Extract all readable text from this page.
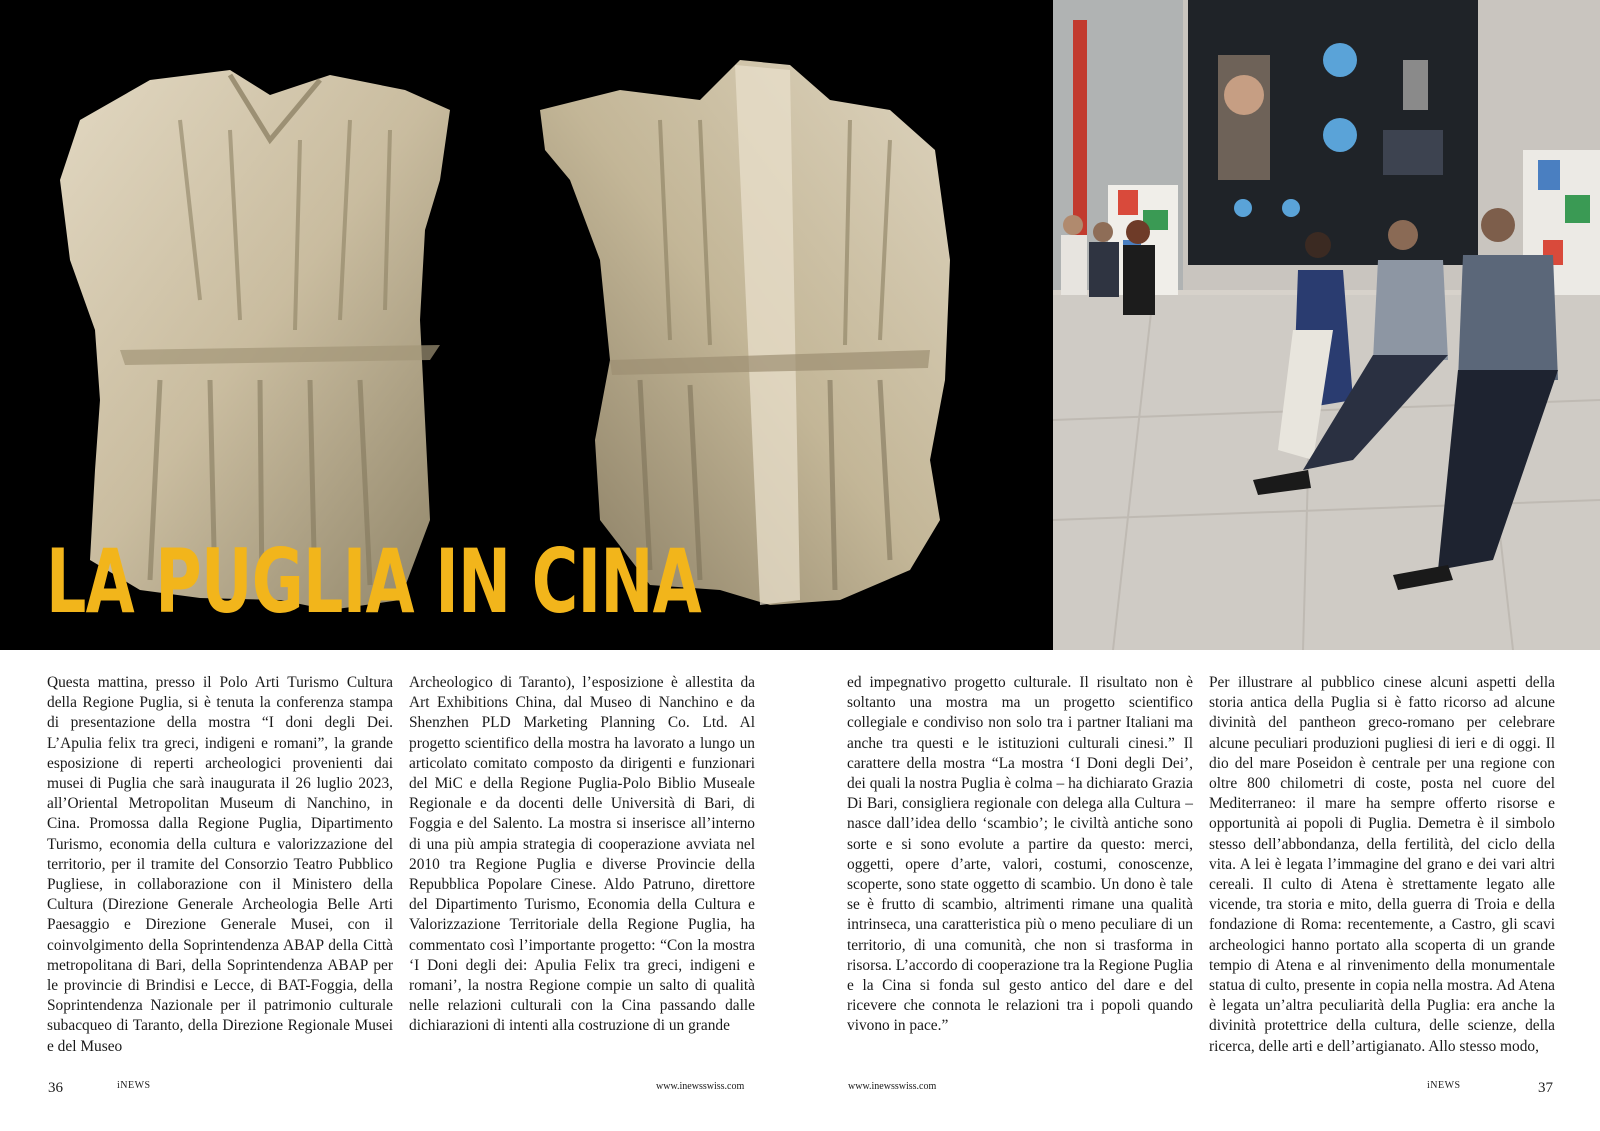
LA PUGLIA IN CINA

Questa mattina, presso il Polo Arti Turismo Cultura della Regione Puglia, si è tenuta la conferenza stampa di presentazione della mostra “I doni degli Dei. L’Apulia felix tra greci, indigeni e romani”, la grande esposizione di reperti archeologici provenienti dai musei di Puglia che sarà inaugurata il 26 luglio 2023, all’Oriental Metropolitan Museum di Nanchino, in Cina. Promossa dalla Regione Puglia, Dipartimento Turismo, economia della cultura e valorizzazione del territorio, per il tramite del Consorzio Teatro Pubblico Pugliese, in collaborazione con il Ministero della Cultura (Direzione Generale Archeologia Belle Arti Paesaggio e Direzione Generale Musei, con il coinvolgimento della Soprintendenza ABAP della Città metropolitana di Bari, della Soprintendenza ABAP per le provincie di Brindisi e Lecce, di BAT-Foggia, della Soprintendenza Nazionale per il patrimonio culturale subacqueo di Taranto, della Direzione Regionale Musei e del Museo

Archeologico di Taranto), l’esposizione è allestita da Art Exhibitions China, dal Museo di Nanchino e da Shenzhen PLD Marketing Planning Co. Ltd. Al progetto scientifico della mostra ha lavorato a lungo un articolato comitato composto da dirigenti e funzionari del MiC e della Regione Puglia-Polo Biblio Museale Regionale e da docenti delle Università di Bari, di Foggia e del Salento. La mostra si inserisce all’interno di una più ampia strategia di cooperazione avviata nel 2010 tra Regione Puglia e diverse Provincie della Repubblica Popolare Cinese. Aldo Patruno, direttore del Dipartimento Turismo, Economia della Cultura e Valorizzazione Territoriale della Regione Puglia, ha commentato così l’importante progetto: “Con la mostra ‘I Doni degli dei: Apulia Felix tra greci, indigeni e romani’, la nostra Regione compie un salto di qualità nelle relazioni culturali con la Cina passando dalle dichiarazioni di intenti alla costruzione di un grande

ed impegnativo progetto culturale. Il risultato non è soltanto una mostra ma un progetto scientifico collegiale e condiviso non solo tra i partner Italiani ma anche tra questi e le istituzioni culturali cinesi.” Il carattere della mostra “La mostra ‘I Doni degli Dei’, dei quali la nostra Puglia è colma – ha dichiarato Grazia Di Bari, consigliera regionale con delega alla Cultura – nasce dall’idea dello ‘scambio’; le civiltà antiche sono sorte e si sono evolute a partire da questo: merci, oggetti, opere d’arte, valori, costumi, conoscenze, scoperte, sono state oggetto di scambio. Un dono è tale se è frutto di scambio, altrimenti rimane una qualità intrinseca, una caratteristica più o meno peculiare di un territorio, di una comunità, che non si trasforma in risorsa. L’accordo di cooperazione tra la Regione Puglia e la Cina si fonda sul gesto antico del dare e del ricevere che connota le relazioni tra i popoli quando vivono in pace.”

Per illustrare al pubblico cinese alcuni aspetti della storia antica della Puglia si è fatto ricorso ad alcune divinità del pantheon greco-romano per celebrare alcune peculiari produzioni pugliesi di ieri e di oggi. Il dio del mare Poseidon è centrale per una regione con oltre 800 chilometri di coste, posta nel cuore del Mediterraneo: il mare ha sempre offerto risorse e opportunità ai popoli di Puglia. Demetra è il simbolo stesso dell’abbondanza, della fertilità, del ciclo della vita. A lei è legata l’immagine del grano e dei vari altri cereali. Il culto di Atena è strettamente legato alle vicende, tra storia e mito, della guerra di Troia e della fondazione di Roma: recentemente, a Castro, gli scavi archeologici hanno portato alla scoperta di un grande tempio di Atena e al rinvenimento della monumentale statua di culto, presente in copia nella mostra. Ad Atena è legata un’altra peculiarità della Puglia: era anche la divinità protettrice della cultura, delle scienze, della ricerca, delle arti e dell’artigianato. Allo stesso modo,

36	iNEWS	www.inewsswiss.com	www.inewsswiss.com	iNEWS	37
